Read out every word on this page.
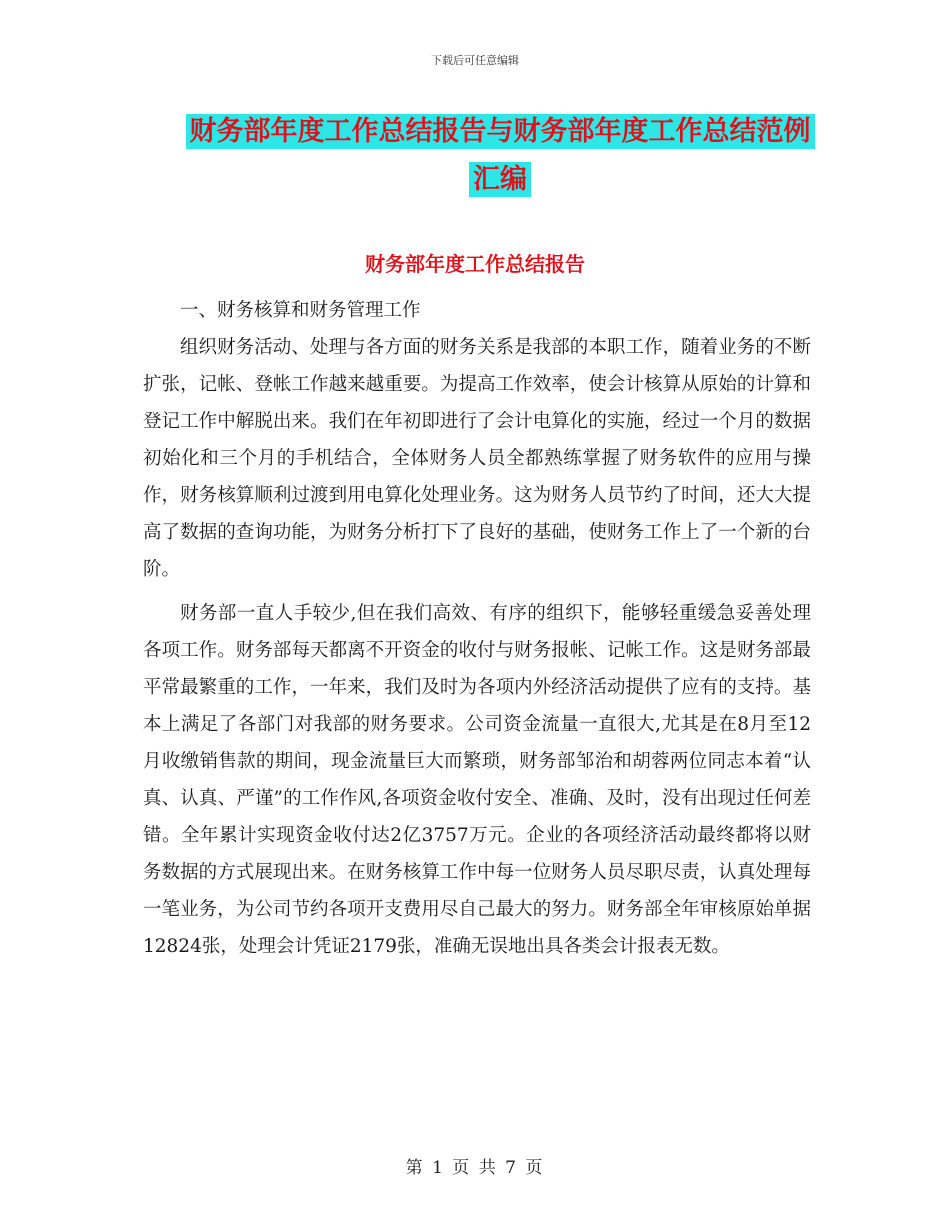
下载后可任意编辑
财务部年度工作总结报告与财务部年度工作总结范例
汇编
财务部年度工作总结报告

一、财务核算和财务管理工作

组织财务活动、处理与各方面的财务关系是我部的本职工作，随着业务的不断扩张，记帐、登帐工作越来越重要。为提高工作效率，使会计核算从原始的计算和登记工作中解脱出来。我们在年初即进行了会计电算化的实施，经过一个月的数据初始化和三个月的手机结合，全体财务人员全都熟练掌握了财务软件的应用与操作，财务核算顺利过渡到用电算化处理业务。这为财务人员节约了时间，还大大提高了数据的查询功能，为财务分析打下了良好的基础，使财务工作上了一个新的台阶。

财务部一直人手较少,但在我们高效、有序的组织下，能够轻重缓急妥善处理各项工作。财务部每天都离不开资金的收付与财务报帐、记帐工作。这是财务部最平常最繁重的工作，一年来，我们及时为各项内外经济活动提供了应有的支持。基本上满足了各部门对我部的财务要求。公司资金流量一直很大,尤其是在8月至12月收缴销售款的期间，现金流量巨大而繁琐，财务部邹治和胡蓉两位同志本着“认真、认真、严谨”的工作作风,各项资金收付安全、准确、及时，没有出现过任何差错。全年累计实现资金收付达2亿3757万元。企业的各项经济活动最终都将以财务数据的方式展现出来。在财务核算工作中每一位财务人员尽职尽责，认真处理每一笔业务，为公司节约各项开支费用尽自己最大的努力。财务部全年审核原始单据12824张，处理会计凭证2179张，准确无误地出具各类会计报表无数。

第 1 页 共 7 页
